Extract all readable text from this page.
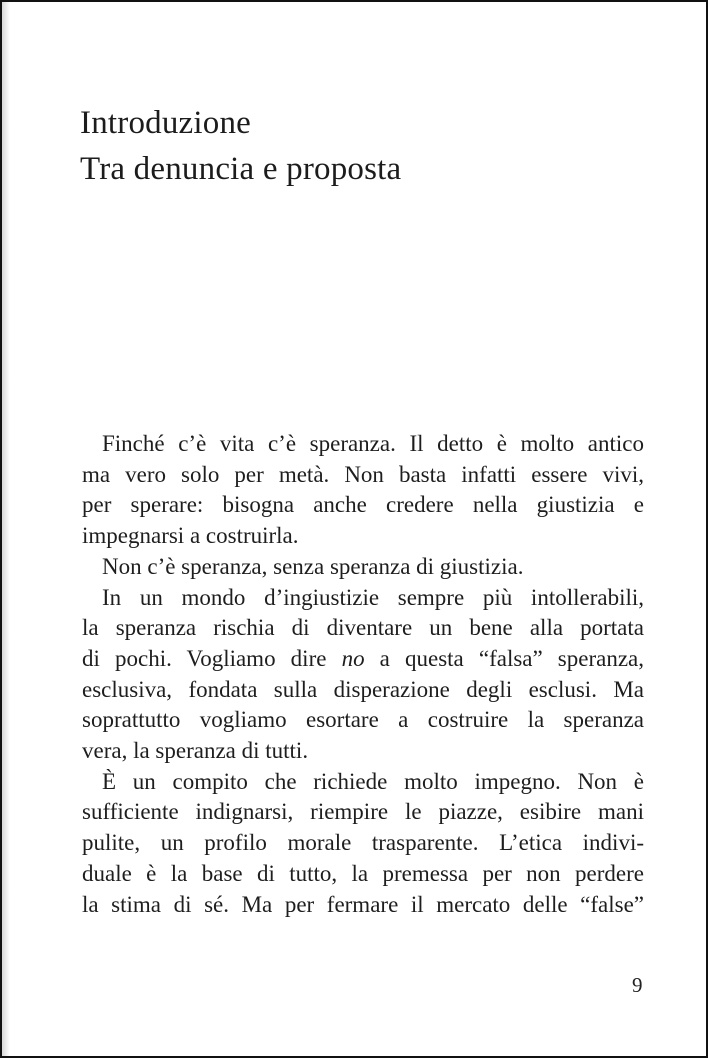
Introduzione
Tra denuncia e proposta
Finché c’è vita c’è speranza. Il detto è molto antico
ma vero solo per metà. Non basta infatti essere vivi,
per sperare: bisogna anche credere nella giustizia e
impegnarsi a costruirla.
Non c’è speranza, senza speranza di giustizia.
In un mondo d’ingiustizie sempre più intollerabili,
la speranza rischia di diventare un bene alla portata
di pochi. Vogliamo dire no a questa “falsa” speranza,
esclusiva, fondata sulla disperazione degli esclusi. Ma
soprattutto vogliamo esortare a costruire la speranza
vera, la speranza di tutti.
È un compito che richiede molto impegno. Non è
sufficiente indignarsi, riempire le piazze, esibire mani
pulite, un profilo morale trasparente. L’etica indivi-
duale è la base di tutto, la premessa per non perdere
la stima di sé. Ma per fermare il mercato delle “false”
9
